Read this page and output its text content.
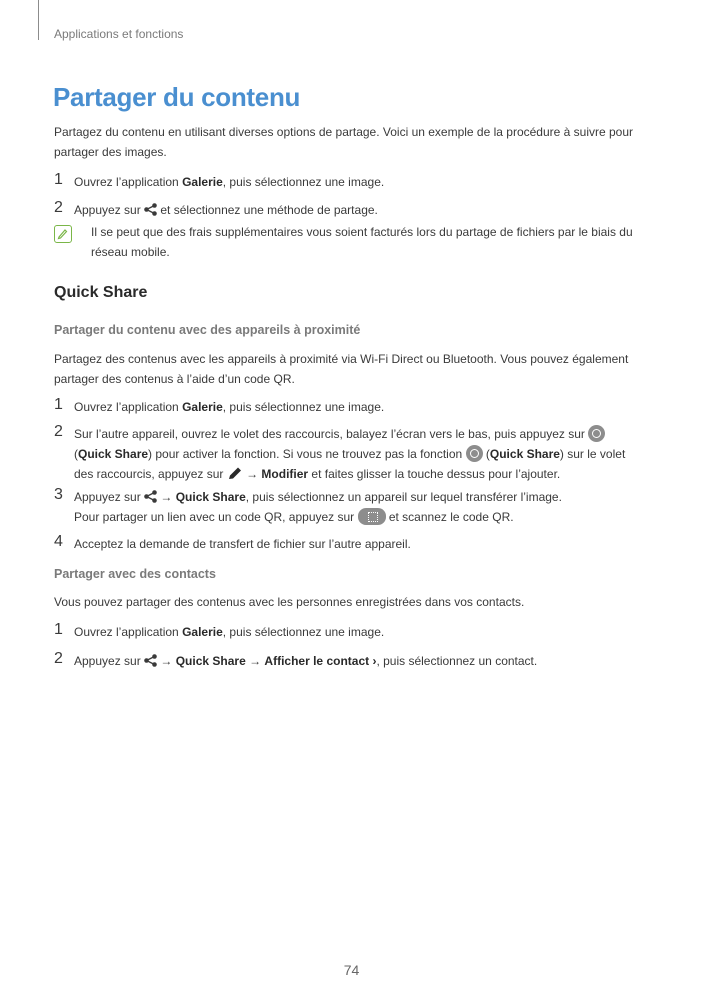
Applications et fonctions
Partager du contenu
Partagez du contenu en utilisant diverses options de partage. Voici un exemple de la procédure à suivre pour partager des images.
1 Ouvrez l’application Galerie, puis sélectionnez une image.
2 Appuyez sur  et sélectionnez une méthode de partage.
Il se peut que des frais supplémentaires vous soient facturés lors du partage de fichiers par le biais du réseau mobile.
Quick Share
Partager du contenu avec des appareils à proximité
Partagez des contenus avec les appareils à proximité via Wi-Fi Direct ou Bluetooth. Vous pouvez également partager des contenus à l’aide d’un code QR.
1 Ouvrez l’application Galerie, puis sélectionnez une image.
2 Sur l’autre appareil, ouvrez le volet des raccourcis, balayez l’écran vers le bas, puis appuyez sur  (Quick Share) pour activer la fonction. Si vous ne trouvez pas la fonction  (Quick Share) sur le volet des raccourcis, appuyez sur  → Modifier et faites glisser la touche dessus pour l’ajouter.
3 Appuyez sur  → Quick Share, puis sélectionnez un appareil sur lequel transférer l’image.
Pour partager un lien avec un code QR, appuyez sur  et scannez le code QR.
4 Acceptez la demande de transfert de fichier sur l’autre appareil.
Partager avec des contacts
Vous pouvez partager des contenus avec les personnes enregistrées dans vos contacts.
1 Ouvrez l’application Galerie, puis sélectionnez une image.
2 Appuyez sur  → Quick Share → Afficher le contact ›, puis sélectionnez un contact.
74
